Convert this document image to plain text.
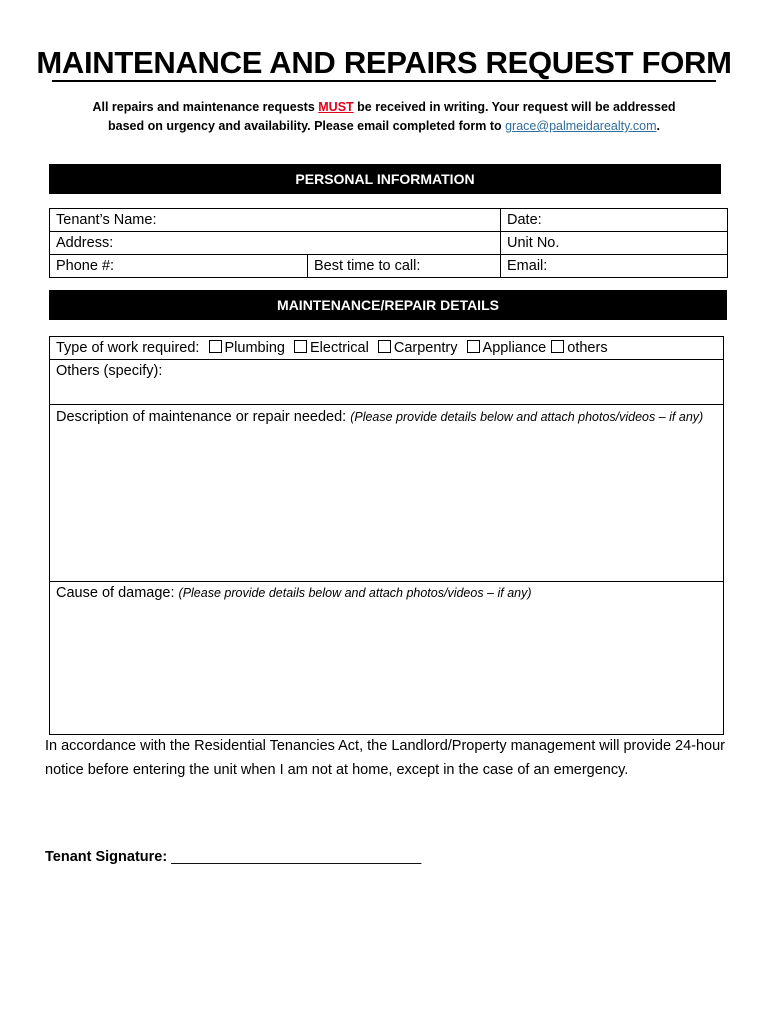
MAINTENANCE AND REPAIRS REQUEST FORM
All repairs and maintenance requests MUST be received in writing. Your request will be addressed
based on urgency and availability. Please email completed form to grace@palmeidarealty.com.
PERSONAL INFORMATION
Tenant’s Name:		Date:
Address:		Unit No.
Phone #:	Best time to call:	Email:
MAINTENANCE/REPAIR DETAILS
Type of work required: Plumbing Electrical Carpentry Appliance others
Others (specify):
Description of maintenance or repair needed: (Please provide details below and attach photos/videos – if any)
Cause of damage: (Please provide details below and attach photos/videos – if any)
In accordance with the Residential Tenancies Act, the Landlord/Property management will provide 24-hour notice before entering the unit when I am not at home, except in the case of an emergency.
Tenant Signature: _______________________________
